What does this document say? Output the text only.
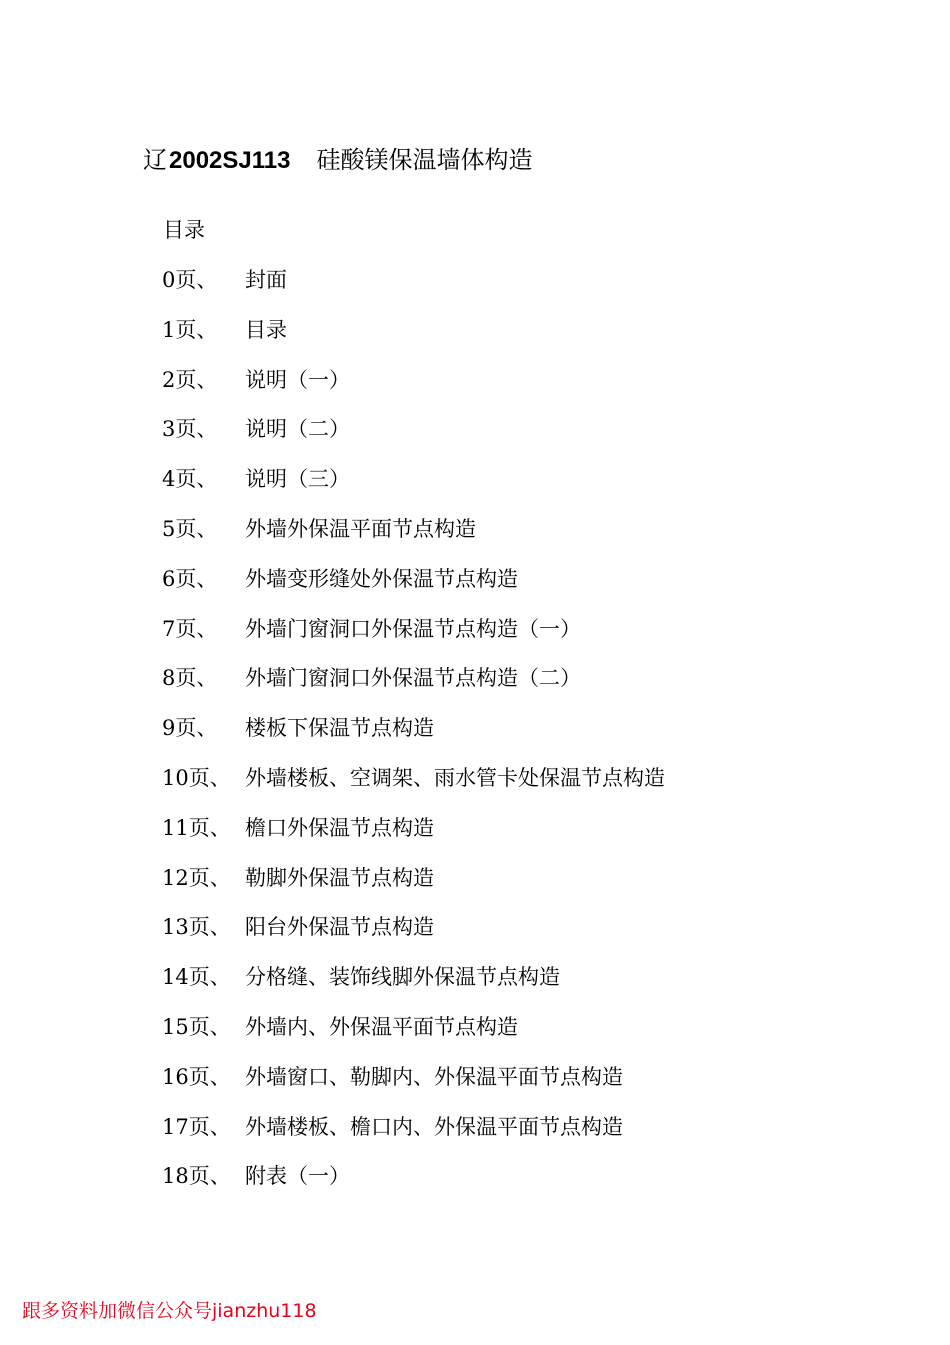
辽2002SJ113 硅酸镁保温墙体构造
目录
0页、	封面
1页、	目录
2页、	说明（一）
3页、	说明（二）
4页、	说明（三）
5页、	外墙外保温平面节点构造
6页、	外墙变形缝处外保温节点构造
7页、	外墙门窗洞口外保温节点构造（一）
8页、	外墙门窗洞口外保温节点构造（二）
9页、	楼板下保温节点构造
10页、 外墙楼板、空调架、雨水管卡处保温节点构造
11页、 檐口外保温节点构造
12页、 勒脚外保温节点构造
13页、 阳台外保温节点构造
14页、 分格缝、装饰线脚外保温节点构造
15页、 外墙内、外保温平面节点构造
16页、 外墙窗口、勒脚内、外保温平面节点构造
17页、 外墙楼板、檐口内、外保温平面节点构造
18页、 附表（一）
跟多资料加微信公众号jianzhu118
